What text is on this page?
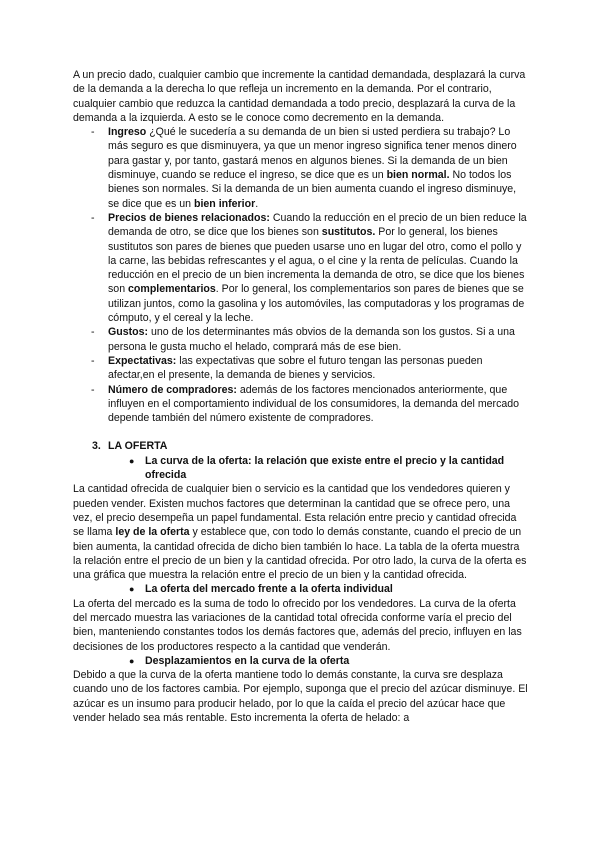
A un precio dado, cualquier cambio que incremente la cantidad demandada, desplazará la curva de la demanda a la derecha lo que refleja un incremento en la demanda. Por el contrario, cualquier cambio que reduzca la cantidad demandada a todo precio, desplazará la curva de la demanda a la izquierda. A esto se le conoce como decremento en la demanda.

- Ingreso ¿Qué le sucedería a su demanda de un bien si usted perdiera su trabajo? Lo más seguro es que disminuyera, ya que un menor ingreso significa tener menos dinero para gastar y, por tanto, gastará menos en algunos bienes. Si la demanda de un bien disminuye, cuando se reduce el ingreso, se dice que es un bien normal. No todos los bienes son normales. Si la demanda de un bien aumenta cuando el ingreso disminuye, se dice que es un bien inferior.
- Precios de bienes relacionados: Cuando la reducción en el precio de un bien reduce la demanda de otro, se dice que los bienes son sustitutos. Por lo general, los bienes sustitutos son pares de bienes que pueden usarse uno en lugar del otro, como el pollo y la carne, las bebidas refrescantes y el agua, o el cine y la renta de películas. Cuando la reducción en el precio de un bien incrementa la demanda de otro, se dice que los bienes son complementarios. Por lo general, los complementarios son pares de bienes que se utilizan juntos, como la gasolina y los automóviles, las computadoras y los programas de cómputo, y el cereal y la leche.
- Gustos: uno de los determinantes más obvios de la demanda son los gustos. Si a una persona le gusta mucho el helado, comprará más de ese bien.
- Expectativas: las expectativas que sobre el futuro tengan las personas pueden afectar,en el presente, la demanda de bienes y servicios.
- Número de compradores: además de los factores mencionados anteriormente, que influyen en el comportamiento individual de los consumidores, la demanda del mercado depende también del número existente de compradores.
3. LA OFERTA
● La curva de la oferta: la relación que existe entre el precio y la cantidad ofrecida

La cantidad ofrecida de cualquier bien o servicio es la cantidad que los vendedores quieren y pueden vender. Existen muchos factores que determinan la cantidad que se ofrece pero, una vez, el precio desempeña un papel fundamental. Esta relación entre precio y cantidad ofrecida se llama ley de la oferta y establece que, con todo lo demás constante, cuando el precio de un bien aumenta, la cantidad ofrecida de dicho bien también lo hace. La tabla de la oferta muestra la relación entre el precio de un bien y la cantidad ofrecida. Por otro lado, la curva de la oferta es una gráfica que muestra la relación entre el precio de un bien y la cantidad ofrecida.

● La oferta del mercado frente a la oferta individual

La oferta del mercado es la suma de todo lo ofrecido por los vendedores. La curva de la oferta del mercado muestra las variaciones de la cantidad total ofrecida conforme varía el precio del bien, manteniendo constantes todos los demás factores que, además del precio, influyen en las decisiones de los productores respecto a la cantidad que venderán.

● Desplazamientos en la curva de la oferta

Debido a que la curva de la oferta mantiene todo lo demás constante, la curva sre desplaza cuando uno de los factores cambia. Por ejemplo, suponga que el precio del azúcar disminuye. El azúcar es un insumo para producir helado, por lo que la caída el precio del azúcar hace que vender helado sea más rentable. Esto incrementa la oferta de helado: a
